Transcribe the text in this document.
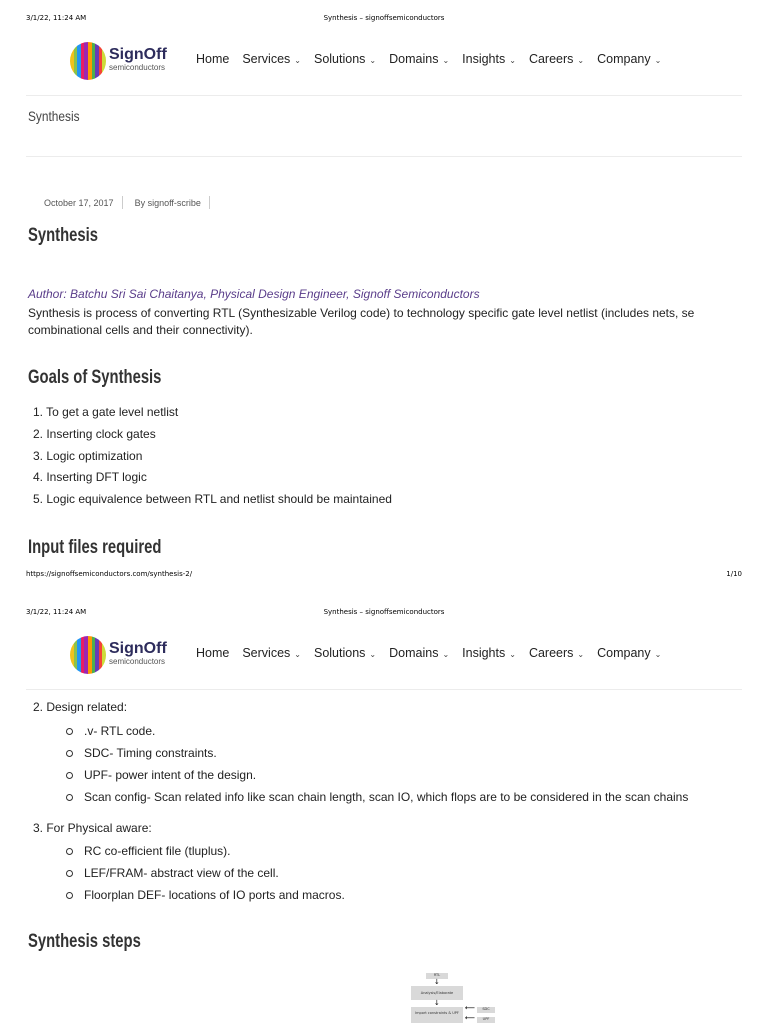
3/1/22, 11:24 AM	Synthesis – signoffsemiconductors
SignOff
semiconductors
Home Services ⌄ Solutions ⌄ Domains ⌄ Insights ⌄ Careers ⌄ Company ⌄
Synthesis
October 17, 2017 By signoff-scribe
Synthesis
Author: Batchu Sri Sai Chaitanya, Physical Design Engineer, Signoff Semiconductors
Synthesis is process of converting RTL (Synthesizable Verilog code) to technology specific gate level netlist (includes nets, se
combinational cells and their connectivity).
Goals of Synthesis
1. To get a gate level netlist
2. Inserting clock gates
3. Logic optimization
4. Inserting DFT logic
5. Logic equivalence between RTL and netlist should be maintained
Input files required
https://signoffsemiconductors.com/synthesis-2/	1/10
3/1/22, 11:24 AM	Synthesis – signoffsemiconductors
SignOff
semiconductors
Home Services ⌄ Solutions ⌄ Domains ⌄ Insights ⌄ Careers ⌄ Company ⌄
2. Design related:
.v- RTL code.
SDC- Timing constraints.
UPF- power intent of the design.
Scan config- Scan related info like scan chain length, scan IO, which flops are to be considered in the scan chains
3. For Physical aware:
RC co-efficient file (tluplus).
LEF/FRAM- abstract view of the cell.
Floorplan DEF- locations of IO ports and macros.
Synthesis steps
RTL
↓
Analysis/Elaborate
↓
Import constraints & UPF
⟵	SDC
⟵	UPF
